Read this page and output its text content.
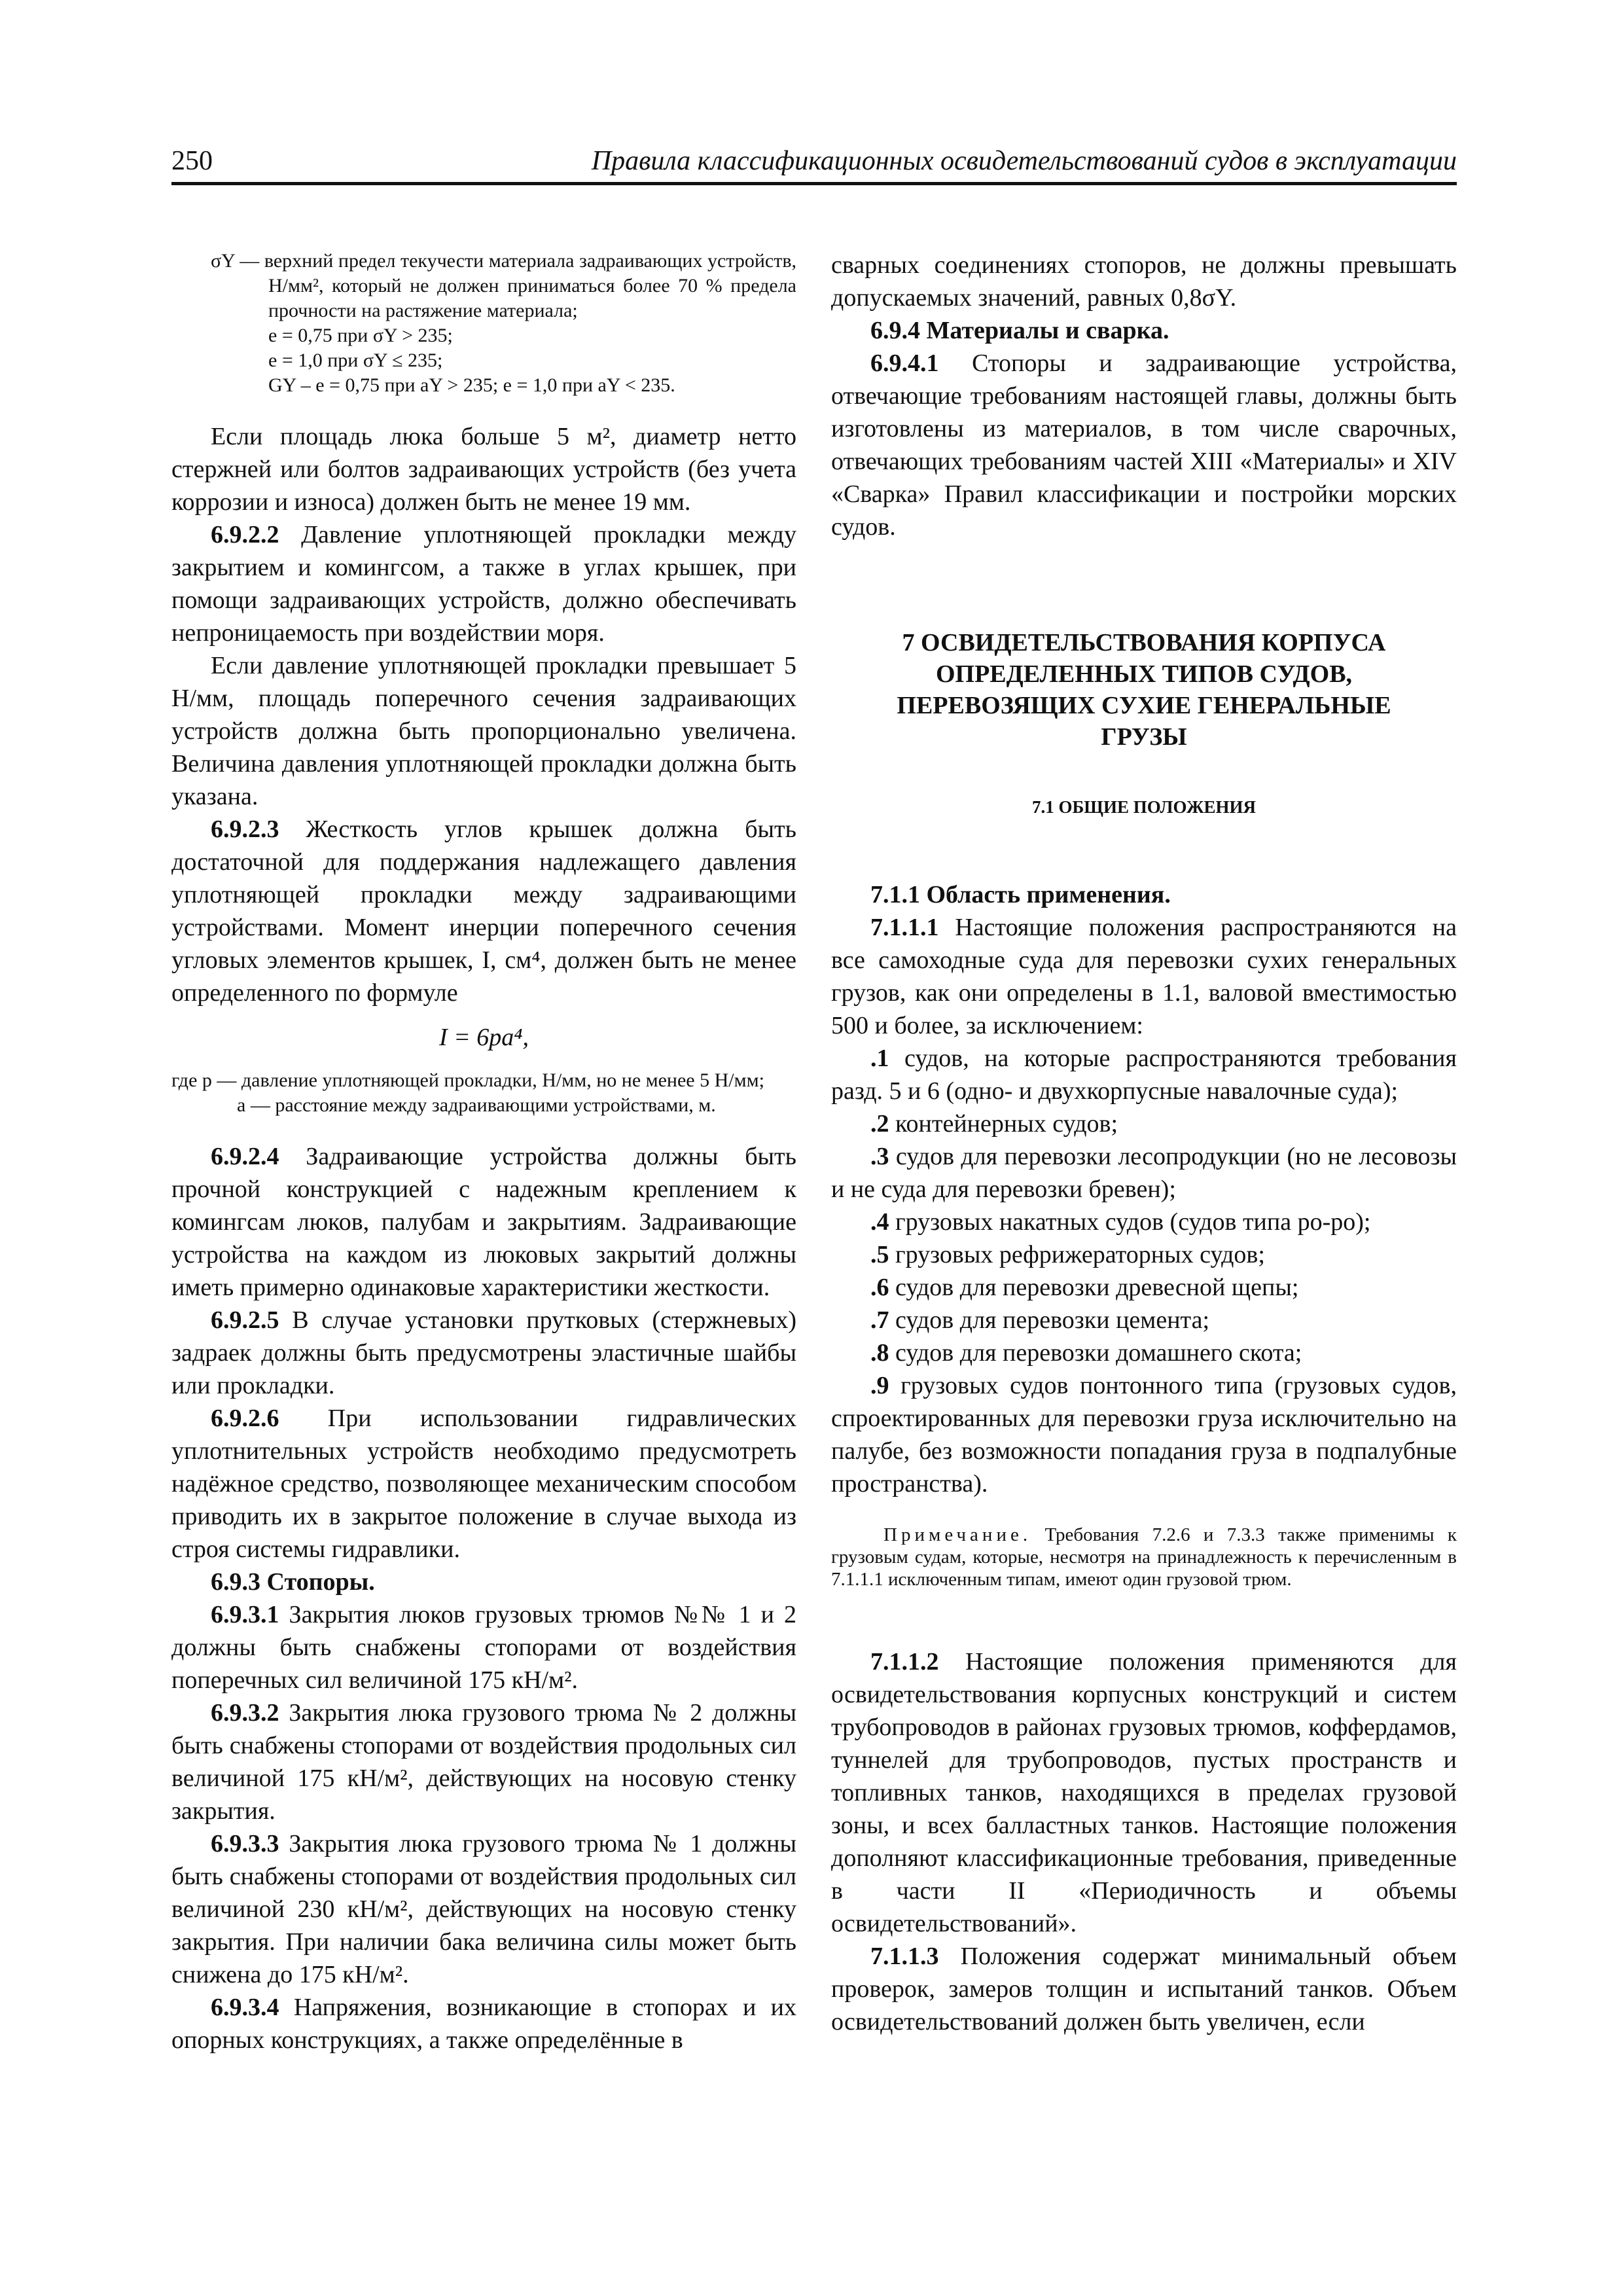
250	Правила классификационных освидетельствований судов в эксплуатации
σY — верхний предел текучести материала задраивающих устройств, Н/мм², который не должен приниматься более 70 % предела прочности на растяжение материала;
e = 0,75 при σY > 235;
e = 1,0 при σY ≤ 235;
GY – e = 0,75 при aY > 235; e = 1,0 при aY < 235.

Если площадь люка больше 5 м², диаметр нетто стержней или болтов задраивающих устройств (без учета коррозии и износа) должен быть не менее 19 мм.

6.9.2.2 Давление уплотняющей прокладки между закрытием и комингсом, а также в углах крышек, при помощи задраивающих устройств, должно обеспечивать непроницаемость при воздействии моря.

Если давление уплотняющей прокладки превышает 5 Н/мм, площадь поперечного сечения задраивающих устройств должна быть пропорционально увеличена. Величина давления уплотняющей прокладки должна быть указана.

6.9.2.3 Жесткость углов крышек должна быть достаточной для поддержания надлежащего давления уплотняющей прокладки между задраивающими устройствами. Момент инерции поперечного сечения угловых элементов крышек, I, см⁴, должен быть не менее определенного по формуле

I = 6pa⁴,
где p — давление уплотняющей прокладки, Н/мм, но не менее 5 Н/мм;
a — расстояние между задраивающими устройствами, м.

6.9.2.4 Задраивающие устройства должны быть прочной конструкцией с надежным креплением к комингсам люков, палубам и закрытиям. Задраивающие устройства на каждом из люковых закрытий должны иметь примерно одинаковые характеристики жесткости.

6.9.2.5 В случае установки прутковых (стержневых) задраек должны быть предусмотрены эластичные шайбы или прокладки.

6.9.2.6 При использовании гидравлических уплотнительных устройств необходимо предусмотреть надёжное средство, позволяющее механическим способом приводить их в закрытое положение в случае выхода из строя системы гидравлики.

6.9.3 Стопоры.

6.9.3.1 Закрытия люков грузовых трюмов №№ 1 и 2 должны быть снабжены стопорами от воздействия поперечных сил величиной 175 кН/м².

6.9.3.2 Закрытия люка грузового трюма № 2 должны быть снабжены стопорами от воздействия продольных сил величиной 175 кН/м², действующих на носовую стенку закрытия.

6.9.3.3 Закрытия люка грузового трюма № 1 должны быть снабжены стопорами от воздействия продольных сил величиной 230 кН/м², действующих на носовую стенку закрытия. При наличии бака величина силы может быть снижена до 175 кН/м².

6.9.3.4 Напряжения, возникающие в стопорах и их опорных конструкциях, а также определённые в

сварных соединениях стопоров, не должны превышать допускаемых значений, равных 0,8σY.

6.9.4 Материалы и сварка.

6.9.4.1 Стопоры и задраивающие устройства, отвечающие требованиям настоящей главы, должны быть изготовлены из материалов, в том числе сварочных, отвечающих требованиям частей XIII «Материалы» и XIV «Сварка» Правил классификации и постройки морских судов.

7 ОСВИДЕТЕЛЬСТВОВАНИЯ КОРПУСА
ОПРЕДЕЛЕННЫХ ТИПОВ СУДОВ,
ПЕРЕВОЗЯЩИХ СУХИЕ ГЕНЕРАЛЬНЫЕ
ГРУЗЫ
7.1 ОБЩИЕ ПОЛОЖЕНИЯ

7.1.1 Область применения.

7.1.1.1 Настоящие положения распространяются на все самоходные суда для перевозки сухих генеральных грузов, как они определены в 1.1, валовой вместимостью 500 и более, за исключением:

.1 судов, на которые распространяются требования разд. 5 и 6 (одно- и двухкорпусные навалочные суда);

.2 контейнерных судов;

.3 судов для перевозки лесопродукции (но не лесовозы и не суда для перевозки бревен);

.4 грузовых накатных судов (судов типа ро-ро);

.5 грузовых рефрижераторных судов;

.6 судов для перевозки древесной щепы;

.7 судов для перевозки цемента;

.8 судов для перевозки домашнего скота;

.9 грузовых судов понтонного типа (грузовых судов, спроектированных для перевозки груза исключительно на палубе, без возможности попадания груза в подпалубные пространства).

Примечание. Требования 7.2.6 и 7.3.3 также применимы к грузовым судам, которые, несмотря на принадлежность к перечисленным в 7.1.1.1 исключенным типам, имеют один грузовой трюм.

7.1.1.2 Настоящие положения применяются для освидетельствования корпусных конструкций и систем трубопроводов в районах грузовых трюмов, коффердамов, туннелей для трубопроводов, пустых пространств и топливных танков, находящихся в пределах грузовой зоны, и всех балластных танков. Настоящие положения дополняют классификационные требования, приведенные в части II «Периодичность и объемы освидетельствований».

7.1.1.3 Положения содержат минимальный объем проверок, замеров толщин и испытаний танков. Объем освидетельствований должен быть увеличен, если
